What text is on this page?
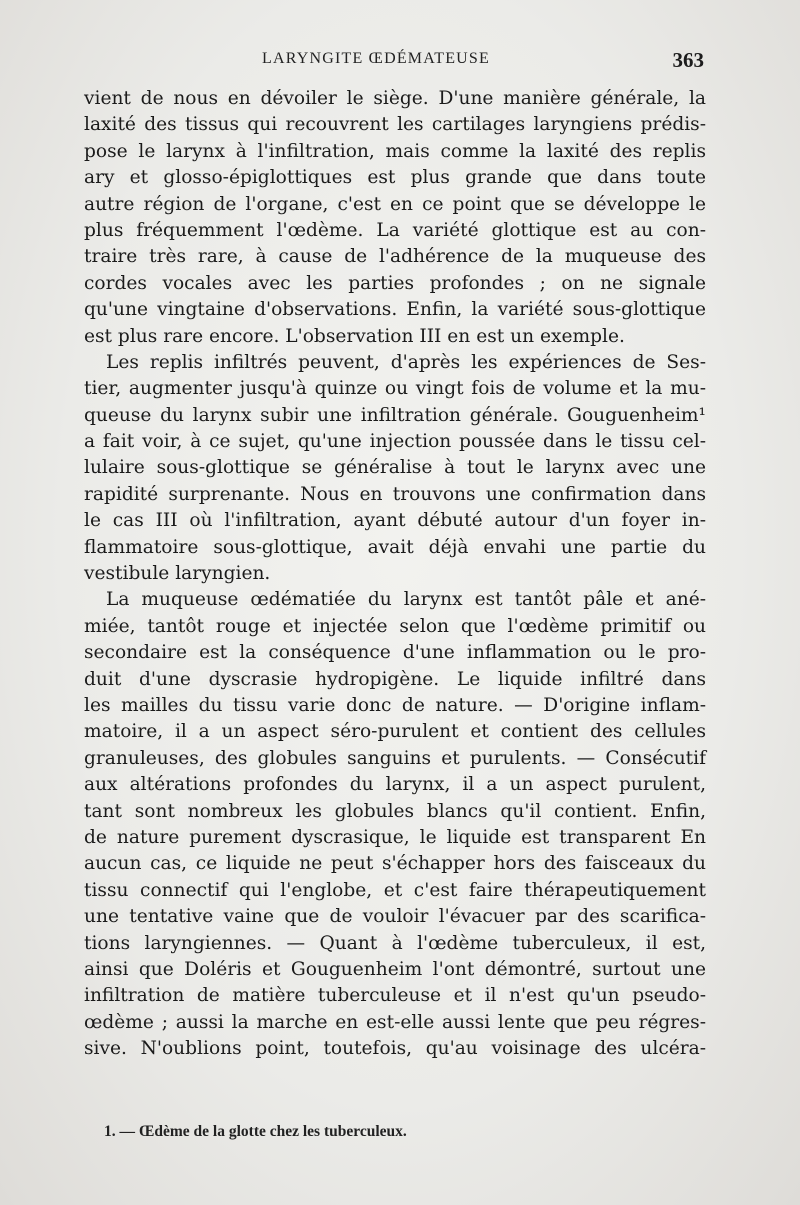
LARYNGITE ŒDÉMATEUSE	363
vient de nous en dévoiler le siège. D'une manière générale, la
laxité des tissus qui recouvrent les cartilages laryngiens prédis-
pose le larynx à l'infiltration, mais comme la laxité des replis
ary et glosso-épiglottiques est plus grande que dans toute
autre région de l'organe, c'est en ce point que se développe le
plus fréquemment l'œdème. La variété glottique est au con-
traire très rare, à cause de l'adhérence de la muqueuse des
cordes vocales avec les parties profondes ; on ne signale
qu'une vingtaine d'observations. Enfin, la variété sous-glottique
est plus rare encore. L'observation III en est un exemple.
Les replis infiltrés peuvent, d'après les expériences de Ses-
tier, augmenter jusqu'à quinze ou vingt fois de volume et la mu-
queuse du larynx subir une infiltration générale. Gouguenheim¹
a fait voir, à ce sujet, qu'une injection poussée dans le tissu cel-
lulaire sous-glottique se généralise à tout le larynx avec une
rapidité surprenante. Nous en trouvons une confirmation dans
le cas III où l'infiltration, ayant débuté autour d'un foyer in-
flammatoire sous-glottique, avait déjà envahi une partie du
vestibule laryngien.
La muqueuse œdématiée du larynx est tantôt pâle et ané-
miée, tantôt rouge et injectée selon que l'œdème primitif ou
secondaire est la conséquence d'une inflammation ou le pro-
duit d'une dyscrasie hydropigène. Le liquide infiltré dans
les mailles du tissu varie donc de nature. — D'origine inflam-
matoire, il a un aspect séro-purulent et contient des cellules
granuleuses, des globules sanguins et purulents. — Consécutif
aux altérations profondes du larynx, il a un aspect purulent,
tant sont nombreux les globules blancs qu'il contient. Enfin,
de nature purement dyscrasique, le liquide est transparent En
aucun cas, ce liquide ne peut s'échapper hors des faisceaux du
tissu connectif qui l'englobe, et c'est faire thérapeutiquement
une tentative vaine que de vouloir l'évacuer par des scarifica-
tions laryngiennes. — Quant à l'œdème tuberculeux, il est,
ainsi que Doléris et Gouguenheim l'ont démontré, surtout une
infiltration de matière tuberculeuse et il n'est qu'un pseudo-
œdème ; aussi la marche en est-elle aussi lente que peu régres-
sive. N'oublions point, toutefois, qu'au voisinage des ulcéra-
1. — Œdème de la glotte chez les tuberculeux.
